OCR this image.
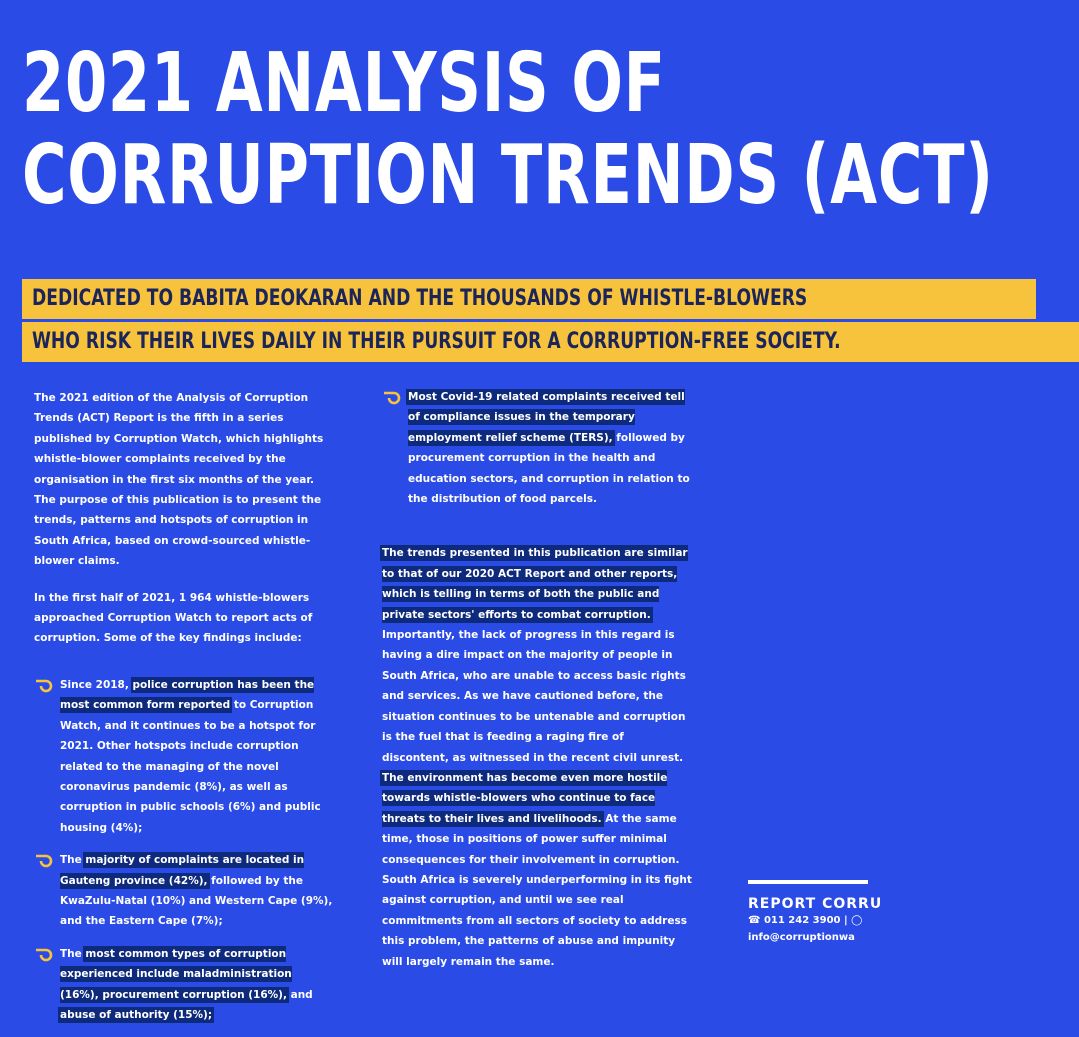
2021 ANALYSIS OF
CORRUPTION TRENDS (ACT)
DEDICATED TO BABITA DEOKARAN AND THE THOUSANDS OF WHISTLE-BLOWERS
WHO RISK THEIR LIVES DAILY IN THEIR PURSUIT FOR A CORRUPTION-FREE SOCIETY.

The 2021 edition of the Analysis of Corruption Trends (ACT) Report is the fifth in a series published by Corruption Watch, which highlights whistle-blower complaints received by the organisation in the first six months of the year. The purpose of this publication is to present the trends, patterns and hotspots of corruption in South Africa, based on crowd-sourced whistle-blower claims.

In the first half of 2021, 1 964 whistle-blowers approached Corruption Watch to report acts of corruption. Some of the key findings include:

Since 2018, police corruption has been the most common form reported to Corruption Watch, and it continues to be a hotspot for 2021. Other hotspots include corruption related to the managing of the novel coronavirus pandemic (8%), as well as corruption in public schools (6%) and public housing (4%);
The majority of complaints are located in Gauteng province (42%), followed by the KwaZulu-Natal (10%) and Western Cape (9%), and the Eastern Cape (7%);
The most common types of corruption experienced include maladministration (16%), procurement corruption (16%), and abuse of authority (15%);
Most Covid-19 related complaints received tell of compliance issues in the temporary employment relief scheme (TERS), followed by procurement corruption in the health and education sectors, and corruption in relation to the distribution of food parcels.

The trends presented in this publication are similar to that of our 2020 ACT Report and other reports, which is telling in terms of both the public and private sectors' efforts to combat corruption. Importantly, the lack of progress in this regard is having a dire impact on the majority of people in South Africa, who are unable to access basic rights and services. As we have cautioned before, the situation continues to be untenable and corruption is the fuel that is feeding a raging fire of discontent, as witnessed in the recent civil unrest.

The environment has become even more hostile towards whistle-blowers who continue to face threats to their lives and livelihoods. At the same time, those in positions of power suffer minimal consequences for their involvement in corruption. South Africa is severely underperforming in its fight against corruption, and until we see real commitments from all sectors of society to address this problem, the patterns of abuse and impunity will largely remain the same.

REPORT CORRU
☎ 011 242 3900 | ◯
info@corruptionwa
